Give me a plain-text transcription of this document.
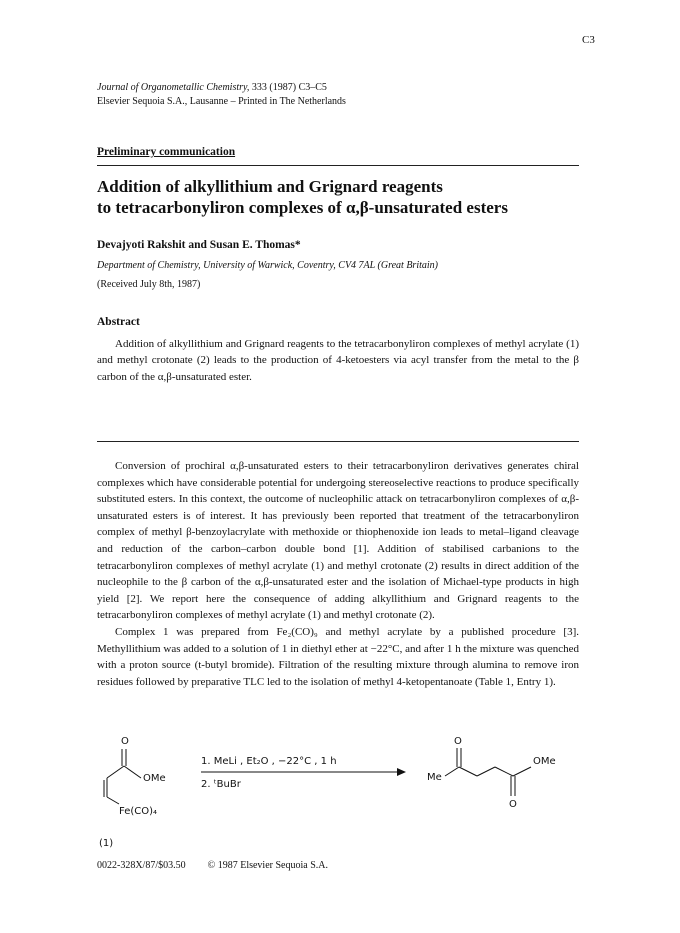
C3
Journal of Organometallic Chemistry, 333 (1987) C3–C5
Elsevier Sequoia S.A., Lausanne – Printed in The Netherlands
Preliminary communication
Addition of alkyllithium and Grignard reagents
to tetracarbonyliron complexes of α,β-unsaturated esters
Devajyoti Rakshit and Susan E. Thomas*
Department of Chemistry, University of Warwick, Coventry, CV4 7AL (Great Britain)
(Received July 8th, 1987)
Abstract
Addition of alkyllithium and Grignard reagents to the tetracarbonyliron complexes of methyl acrylate (1) and methyl crotonate (2) leads to the production of 4-ketoesters via acyl transfer from the metal to the β carbon of the α,β-unsaturated ester.

Conversion of prochiral α,β-unsaturated esters to their tetracarbonyliron derivatives generates chiral complexes which have considerable potential for undergoing stereoselective reactions to produce specifically substituted esters. In this context, the outcome of nucleophilic attack on tetracarbonyliron complexes of α,β-unsaturated esters is of interest. It has previously been reported that treatment of the tetracarbonyliron complex of methyl β-benzoylacrylate with methoxide or thiophenoxide ion leads to metal–ligand cleavage and reduction of the carbon–carbon double bond [1]. Addition of stabilised carbanions to the tetracarbonyliron complexes of methyl acrylate (1) and methyl crotonate (2) results in direct addition of the nucleophile to the β carbon of the α,β-unsaturated ester and the isolation of Michael-type products in high yield [2]. We report here the consequence of adding alkyllithium and Grignard reagents to the tetracarbonyliron complexes of methyl acrylate (1) and methyl crotonate (2).

Complex 1 was prepared from Fe₂(CO)₉ and methyl acrylate by a published procedure [3]. Methyllithium was added to a solution of 1 in diethyl ether at −22°C, and after 1 h the mixture was quenched with a proton source (t-butyl bromide). Filtration of the resulting mixture through alumina to remove iron residues followed by preparative TLC led to the isolation of methyl 4-ketopentanoate (Table 1, Entry 1).

O
OMe
Fe(CO)₄
(1)
1. MeLi , Et₂O , −22°C , 1 h
2. ᵗBuBr
Me
O
O
OMe
0022-328X/87/$03.50 © 1987 Elsevier Sequoia S.A.
